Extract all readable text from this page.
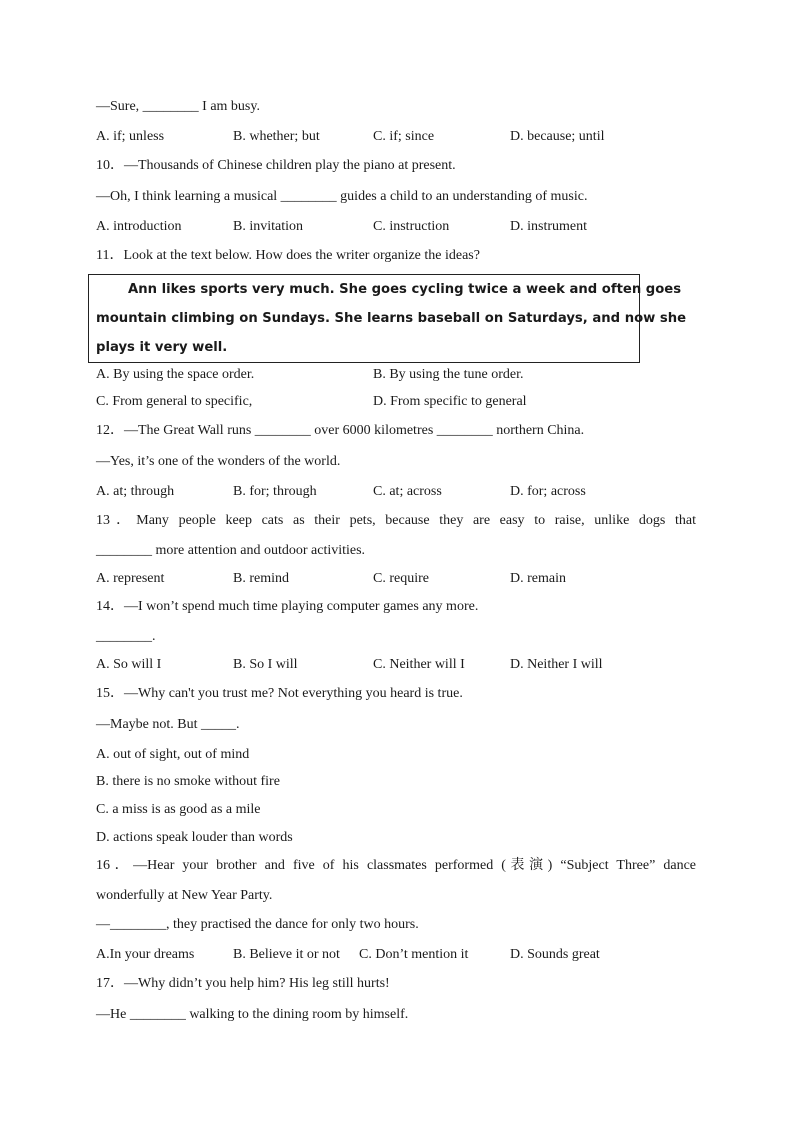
—Sure, ________ I am busy.
A. if; unless	B. whether; but	C. if; since	D. because; until
10．—Thousands of Chinese children play the piano at present.
—Oh, I think learning a musical ________ guides a child to an understanding of music.
A. introduction	B. invitation	C. instruction	D. instrument
11．Look at the text below. How does the writer organize the ideas?
Ann likes sports very much. She goes cycling twice a week and often goes
mountain climbing on Sundays. She learns baseball on Saturdays, and now she
plays it very well.
A. By using the space order.	B. By using the tune order.
C. From general to specific,	D. From specific to general
12．—The Great Wall runs ________ over 6000 kilometres ________ northern China.
—Yes, it’s one of the wonders of the world.
A. at; through	B. for; through	C. at; across	D. for; across
13．Many people keep cats as their pets, because they are easy to raise, unlike dogs that
________ more attention and outdoor activities.
A. represent	B. remind	C. require	D. remain
14．—I won’t spend much time playing computer games any more.
________.
A. So will I	B. So I will	C. Neither will I	D. Neither I will
15．—Why can't you trust me? Not everything you heard is true.
—Maybe not. But _____.
A. out of sight, out of mind
B. there is no smoke without fire
C. a miss is as good as a mile
D. actions speak louder than words
16．—Hear your brother and five of his classmates performed (表演) “Subject Three” dance
wonderfully at New Year Party.
—________, they practised the dance for only two hours.
A.In your dreams	B. Believe it or not C. Don’t mention it	D. Sounds great
17．—Why didn’t you help him? His leg still hurts!
—He ________ walking to the dining room by himself.
